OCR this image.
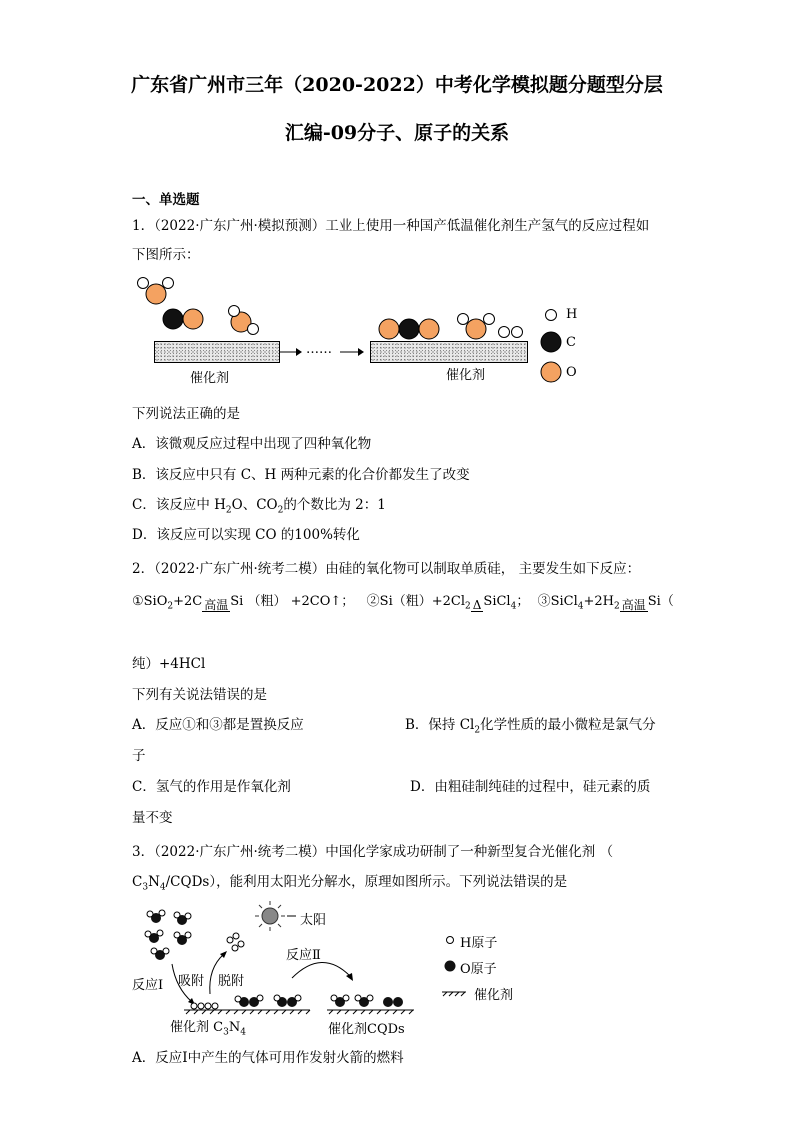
广东省广州市三年（2020-2022）中考化学模拟题分题型分层
汇编-09分子、原子的关系
一、单选题
1．（2022·广东广州·模拟预测）工业上使用一种国产低温催化剂生产氢气的反应过程如
下图所示：
……
催化剂	催化剂
H
C
O
下列说法正确的是
A．该微观反应过程中出现了四种氧化物
B．该反应中只有 C、H 两种元素的化合价都发生了改变
C．该反应中 $H_2O$、$CO_2$的个数比为 2：1
D．该反应可以实现 CO 的100%转化
2．（2022·广东广州·统考二模）由硅的氧化物可以制取单质硅， 主要发生如下反应：
①SiO$_2$+2C 高温 Si （粗） +2CO↑； ②Si（粗）$+2Cl_2$ Δ SiCl$_4$； $③SiCl_4+2H_2$ 高温 Si（
纯）+4HCl
下列有关说法错误的是
A．反应①和③都是置换反应	B．保持 $Cl_2$化学性质的最小微粒是氯气分
子
C．氢气的作用是作氧化剂	D．由粗硅制纯硅的过程中，硅元素的质
量不变
3．（2022·广东广州·统考二模）中国化学家成功研制了一种新型复合光催化剂 （
$C_3N_4/CQDs$），能利用太阳光分解水，原理如图所示。下列说法错误的是
太阳
反应Ⅱ
反应Ⅰ 吸附 脱附
催化剂 $C_3N_4$	催化剂CQDs
H原子
O原子
催化剂
A．反应Ⅰ中产生的气体可用作发射火箭的燃料
